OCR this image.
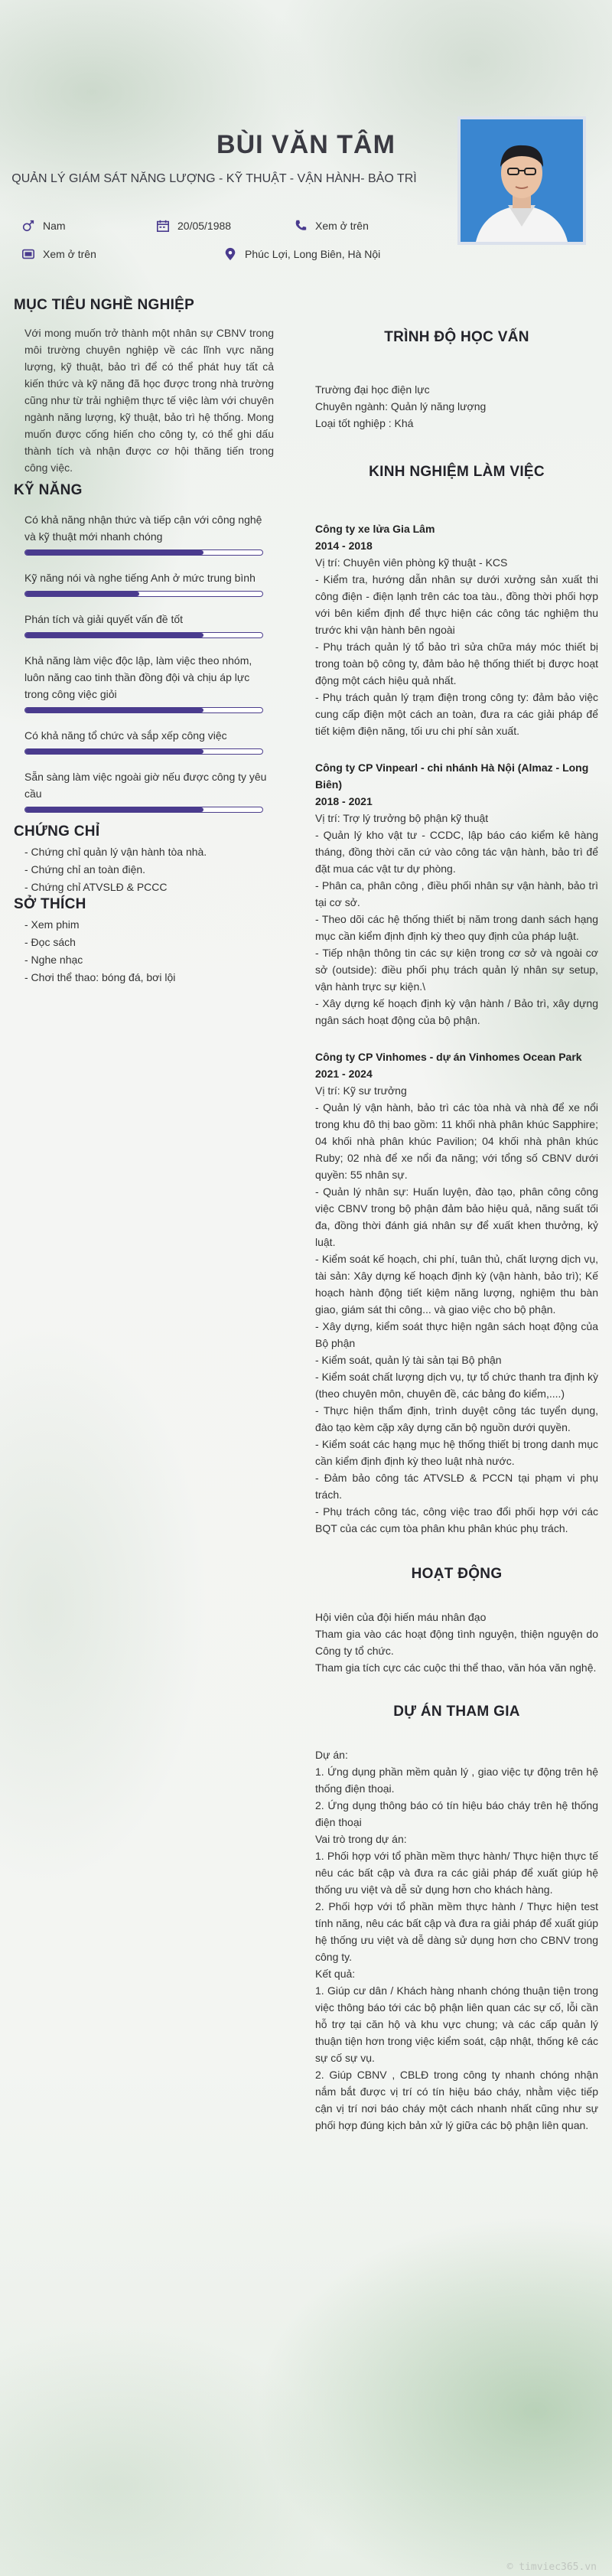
BÙI VĂN TÂM
QUẢN LÝ GIÁM SÁT NĂNG LƯỢNG - KỸ THUẬT - VẬN HÀNH- BẢO TRÌ
Nam	20/05/1988	Xem ở trên
Xem ở trên	Phúc Lợi, Long Biên, Hà Nội
MỤC TIÊU NGHỀ NGHIỆP
Với mong muốn trở thành một nhân sự CBNV trong môi trường chuyên nghiệp về các lĩnh vực năng lượng, kỹ thuật, bảo trì để có thể phát huy tất cả kiến thức và kỹ năng đã học được trong nhà trường cũng như từ trải nghiệm thực tế việc làm với chuyên ngành năng lượng, kỹ thuật, bảo trì hệ thống. Mong muốn được cống hiến cho công ty, có thể ghi dấu thành tích và nhận được cơ hội thăng tiến trong công việc.
KỸ NĂNG
Có khả năng nhận thức và tiếp cận với công nghệ và kỹ thuật mới nhanh chóng
Kỹ năng nói và nghe tiếng Anh ở mức trung bình
Phán tích và giải quyết vấn đề tốt
Khả năng làm việc độc lập, làm việc theo nhóm, luôn năng cao tinh thần đồng đội và chịu áp lực trong công việc giỏi
Có khả năng tổ chức và sắp xếp công việc
Sẵn sàng làm việc ngoài giờ nếu được công ty yêu cầu
CHỨNG CHỈ
- Chứng chỉ quản lý vận hành tòa nhà.
- Chứng chỉ an toàn điện.
- Chứng chỉ ATVSLĐ & PCCC
SỞ THÍCH
- Xem phim
- Đọc sách
- Nghe nhạc
- Chơi thể thao: bóng đá, bơi lội
TRÌNH ĐỘ HỌC VẤN
Trường đại học điện lực
Chuyên ngành: Quản lý năng lượng
Loại tốt nghiệp : Khá
KINH NGHIỆM LÀM VIỆC
Công ty xe lửa Gia Lâm
2014 - 2018
Vị trí: Chuyên viên phòng kỹ thuật - KCS
- Kiểm tra, hướng dẫn nhân sự dưới xưởng sản xuất thi công điện - điện lạnh trên các toa tàu., đồng thời phối hợp với bên kiểm định để thực hiện các công tác nghiệm thu trước khi vận hành bên ngoài
- Phụ trách quản lý tổ bảo trì sửa chữa máy móc thiết bị trong toàn bộ công ty, đảm bảo hệ thống thiết bị được hoạt động một cách hiệu quả nhất.
- Phụ trách quản lý trạm điện trong công ty: đảm bảo việc cung cấp điện một cách an toàn, đưa ra các giải pháp để tiết kiệm điện năng, tối ưu chi phí sản xuất.
Công ty CP Vinpearl - chi nhánh Hà Nội (Almaz - Long Biên)
2018 - 2021
Vị trí: Trợ lý trưởng bộ phận kỹ thuật
- Quản lý kho vật tư - CCDC, lập báo cáo kiểm kê hàng tháng, đồng thời căn cứ vào công tác vận hành, bảo trì để đặt mua các vật tư dự phòng.
- Phân ca, phân công , điều phối nhân sự vận hành, bảo trì tại cơ sở.
- Theo dõi các hệ thống thiết bị năm trong danh sách hạng mục cần kiểm định định kỳ theo quy định của pháp luật.
- Tiếp nhận thông tin các sự kiện trong cơ sở và ngoài cơ sở (outside): điều phối phụ trách quản lý nhân sự setup, vận hành trực sự kiện.\
- Xây dựng kế hoạch định kỳ vận hành / Bảo trì, xây dựng ngân sách hoạt động của bộ phận.
Công ty CP Vinhomes - dự án Vinhomes Ocean Park
2021 - 2024
Vị trí: Kỹ sư trưởng
- Quản lý vận hành, bảo trì các tòa nhà và nhà để xe nổi trong khu đô thị bao gồm: 11 khối nhà phân khúc Sapphire; 04 khối nhà phân khúc Pavilion; 04 khối nhà phân khúc Ruby; 02 nhà để xe nổi đa năng; với tổng số CBNV dưới quyền: 55 nhân sự.
- Quản lý nhân sự: Huấn luyện, đào tạo, phân công công việc CBNV trong bộ phận đảm bảo hiệu quả, năng suất tối đa, đồng thời đánh giá nhân sự để xuất khen thưởng, kỷ luật.
- Kiểm soát kế hoạch, chi phí, tuân thủ, chất lượng dịch vụ, tài sản: Xây dựng kế hoạch định kỳ (vận hành, bảo trì); Kế hoạch hành động tiết kiệm năng lượng, nghiệm thu bàn giao, giám sát thi công... và giao việc cho bộ phận.
- Xây dựng, kiểm soát thực hiện ngân sách hoạt động của Bộ phận
- Kiểm soát, quản lý tài sản tại Bộ phận
- Kiểm soát chất lượng dịch vụ, tự tổ chức thanh tra định kỳ (theo chuyên môn, chuyên đề, các bảng đo kiểm,....)
- Thực hiện thẩm định, trình duyệt công tác tuyển dụng, đào tạo kèm cặp xây dựng căn bộ nguồn dưới quyền.
- Kiểm soát các hạng mục hệ thống thiết bị trong danh mục cần kiểm định định kỳ theo luật nhà nước.
- Đảm bảo công tác ATVSLĐ & PCCN tại phạm vi phụ trách.
- Phụ trách công tác, công việc trao đổi phối hợp với các BQT của các cụm tòa phân khu phân khúc phụ trách.
HOẠT ĐỘNG
Hội viên của đội hiến máu nhân đạo
Tham gia vào các hoạt động tình nguyện, thiện nguyện do Công ty tổ chức.
Tham gia tích cực các cuộc thi thể thao, văn hóa văn nghệ.
DỰ ÁN THAM GIA
Dự án:
1. Ứng dụng phần mềm quản lý , giao việc tự động trên hệ thống điện thoại.
2. Ứng dụng thông báo có tín hiệu báo cháy trên hệ thống điện thoại
Vai trò trong dự án:
1. Phối hợp với tổ phần mềm thực hành/ Thực hiện thực tế nêu các bất cập và đưa ra các giải pháp để xuất giúp hệ thống ưu việt và dễ sử dụng hơn cho khách hàng.
2. Phối hợp với tổ phần mềm thực hành / Thực hiện test tính năng, nêu các bất cập và đưa ra giải pháp để xuất giúp hệ thống ưu việt và dễ dàng sử dụng hơn cho CBNV trong công ty.
Kết quả:
1. Giúp cư dân / Khách hàng nhanh chóng thuận tiện trong việc thông báo tới các bộ phận liên quan các sự cố, lỗi cần hỗ trợ tại căn hộ và khu vực chung; và các cấp quản lý thuận tiện hơn trong việc kiểm soát, cập nhật, thống kê các sự cố sự vụ.
2. Giúp CBNV , CBLĐ trong công ty nhanh chóng nhận nắm bắt được vị trí có tín hiệu báo cháy, nhằm việc tiếp cận vị trí nơi báo cháy một cách nhanh nhất cũng như sự phối hợp đúng kịch bản xử lý giữa các bộ phận liên quan.
© timviec365.vn
